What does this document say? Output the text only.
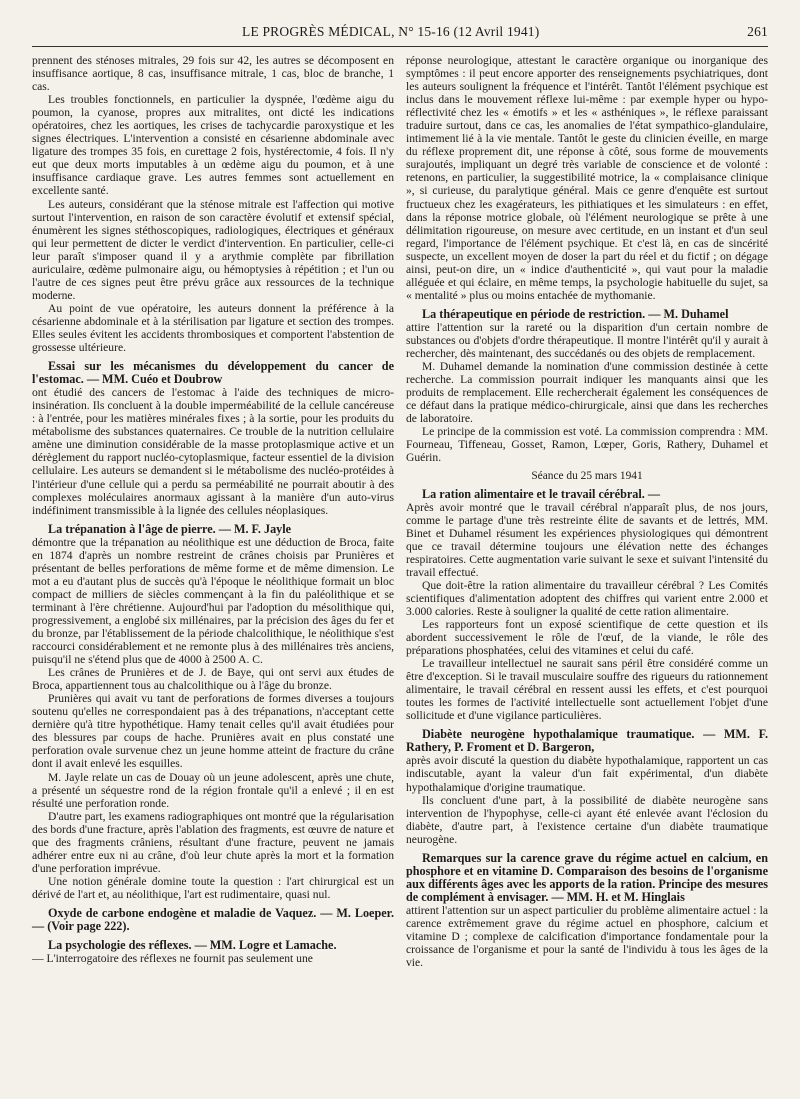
LE PROGRÈS MÉDICAL, N° 15-16 (12 Avril 1941)	261

prennent des sténoses mitrales, 29 fois sur 42, les autres se décomposent en insuffisance aortique, 8 cas, insuffisance mitrale, 1 cas, bloc de branche, 1 cas.

Les troubles fonctionnels, en particulier la dyspnée, l'œdème aigu du poumon, la cyanose, propres aux mitralites, ont dicté les indications opératoires, chez les aortiques, les crises de tachycardie paroxystique et les signes électriques. L'intervention a consisté en césarienne abdominale avec ligature des trompes 35 fois, en curettage 2 fois, hystérectomie, 4 fois. Il n'y eut que deux morts imputables à un œdème aigu du poumon, et à une insuffisance cardiaque grave. Les autres femmes sont actuellement en excellente santé.

Les auteurs, considérant que la sténose mitrale est l'affection qui motive surtout l'intervention, en raison de son caractère évolutif et extensif spécial, énumèrent les signes stéthoscopiques, radiologiques, électriques et généraux qui leur permettent de dicter le verdict d'intervention. En particulier, celle-ci leur paraît s'imposer quand il y a arythmie complète par fibrillation auriculaire, œdème pulmonaire aigu, ou hémoptysies à répétition ; et l'un ou l'autre de ces signes peut être prévu grâce aux ressources de la technique moderne.

Au point de vue opératoire, les auteurs donnent la préférence à la césarienne abdominale et à la stérilisation par ligature et section des trompes. Elles seules évitent les accidents thrombosiques et comportent l'abstention de grossesse ultérieure.

Essai sur les mécanismes du développement du cancer de l'estomac. — MM. Cuéo et Doubrow

ont étudié des cancers de l'estomac à l'aide des techniques de micro-insinération. Ils concluent à la double imperméabilité de la cellule cancéreuse : à l'entrée, pour les matières minérales fixes ; à la sortie, pour les produits du métabolisme des substances quaternaires. Ce trouble de la nutrition cellulaire amène une diminution considérable de la masse protoplasmique active et un dérèglement du rapport nucléo-cytoplasmique, facteur essentiel de la division cellulaire. Les auteurs se demandent si le métabolisme des nucléo-protéides à l'intérieur d'une cellule qui a perdu sa perméabilité ne pourrait aboutir à des complexes moléculaires anormaux agissant à la manière d'un auto-virus indéfiniment transmissible à la lignée des cellules néoplasiques.

La trépanation à l'âge de pierre. — M. F. Jayle

démontre que la trépanation au néolithique est une déduction de Broca, faite en 1874 d'après un nombre restreint de crânes choisis par Prunières et présentant de belles perforations de même forme et de même dimension. Le mot a eu d'autant plus de succès qu'à l'époque le néolithique formait un bloc compact de milliers de siècles commençant à la fin du paléolithique et se terminant à l'ère chrétienne. Aujourd'hui par l'adoption du mésolithique qui, progressivement, a englobé six millénaires, par la précision des âges du fer et du bronze, par l'établissement de la période chalcolithique, le néolithique s'est raccourci considérablement et ne remonte plus à des millénaires très anciens, puisqu'il ne s'étend plus que de 4000 à 2500 A. C.

Les crânes de Prunières et de J. de Baye, qui ont servi aux études de Broca, appartiennent tous au chalcolithique ou à l'âge du bronze.

Prunières qui avait vu tant de perforations de formes diverses a toujours soutenu qu'elles ne correspondaient pas à des trépanations, n'acceptant cette dernière qu'à titre hypothétique. Hamy tenait celles qu'il avait étudiées pour des blessures par coups de hache. Prunières avait en plus constaté une perforation ovale survenue chez un jeune homme atteint de fracture du crâne dont il avait enlevé les esquilles.

M. Jayle relate un cas de Douay où un jeune adolescent, après une chute, a présenté un séquestre rond de la région frontale qu'il a enlevé ; il en est résulté une perforation ronde.

D'autre part, les examens radiographiques ont montré que la régularisation des bords d'une fracture, après l'ablation des fragments, est œuvre de nature et que des fragments crâniens, résultant d'une fracture, peuvent ne jamais adhérer entre eux ni au crâne, d'où leur chute après la mort et la formation d'une perforation imprévue.

Une notion générale domine toute la question : l'art chirurgical est un dérivé de l'art et, au néolithique, l'art est rudimentaire, quasi nul.

Oxyde de carbone endogène et maladie de Vaquez. — M. Loeper. — (Voir page 222).
La psychologie des réflexes. — MM. Logre et Lamache.

— L'interrogatoire des réflexes ne fournit pas seulement une

réponse neurologique, attestant le caractère organique ou inorganique des symptômes : il peut encore apporter des renseignements psychiatriques, dont les auteurs soulignent la fréquence et l'intérêt. Tantôt l'élément psychique est inclus dans le mouvement réflexe lui-même : par exemple hyper ou hypo-réflectivité chez les « émotifs » et les « asthéniques », le réflexe paraissant traduire surtout, dans ce cas, les anomalies de l'état sympathico-glandulaire, intimement lié à la vie mentale. Tantôt le geste du clinicien éveille, en marge du réflexe proprement dit, une réponse à côté, sous forme de mouvements surajoutés, impliquant un degré très variable de conscience et de volonté : retenons, en particulier, la suggestibilité motrice, la « complaisance clinique », si curieuse, du paralytique général. Mais ce genre d'enquête est surtout fructueux chez les exagérateurs, les pithiatiques et les simulateurs : en effet, dans la réponse motrice globale, où l'élément neurologique se prête à une délimitation rigoureuse, on mesure avec certitude, en un instant et d'un seul regard, l'importance de l'élément psychique. Et c'est là, en cas de sincérité suspecte, un excellent moyen de doser la part du réel et du fictif ; on dégage ainsi, peut-on dire, un « indice d'authenticité », qui vaut pour la maladie alléguée et qui éclaire, en même temps, la psychologie habituelle du sujet, sa « mentalité » plus ou moins entachée de mythomanie.

La thérapeutique en période de restriction. — M. Duhamel

attire l'attention sur la rareté ou la disparition d'un certain nombre de substances ou d'objets d'ordre thérapeutique. Il montre l'intérêt qu'il y aurait à rechercher, dès maintenant, des succédanés ou des objets de remplacement.

M. Duhamel demande la nomination d'une commission destinée à cette recherche. La commission pourrait indiquer les manquants ainsi que les produits de remplacement. Elle rechercherait également les conséquences de ce défaut dans la pratique médico-chirurgicale, ainsi que dans les recherches de laboratoire.

Le principe de la commission est voté. La commission comprendra : MM. Fourneau, Tiffeneau, Gosset, Ramon, Lœper, Goris, Rathery, Duhamel et Guérin.

Séance du 25 mars 1941
La ration alimentaire et le travail cérébral. —

Après avoir montré que le travail cérébral n'apparaît plus, de nos jours, comme le partage d'une très restreinte élite de savants et de lettrés, MM. Binet et Duhamel résument les expériences physiologiques qui démontrent que ce travail détermine toujours une élévation nette des échanges respiratoires. Cette augmentation varie suivant le sexe et suivant l'intensité du travail effectué.

Que doit-être la ration alimentaire du travailleur cérébral ? Les Comités scientifiques d'alimentation adoptent des chiffres qui varient entre 2.000 et 3.000 calories. Reste à souligner la qualité de cette ration alimentaire.

Les rapporteurs font un exposé scientifique de cette question et ils abordent successivement le rôle de l'œuf, de la viande, le rôle des préparations phosphatées, celui des vitamines et celui du café.

Le travailleur intellectuel ne saurait sans péril être considéré comme un être d'exception. Si le travail musculaire souffre des rigueurs du rationnement alimentaire, le travail cérébral en ressent aussi les effets, et c'est pourquoi toutes les formes de l'activité intellectuelle sont actuellement l'objet d'une sollicitude et d'une vigilance particulières.

Diabète neurogène hypothalamique traumatique. — MM. F. Rathery, P. Froment et D. Bargeron,

après avoir discuté la question du diabète hypothalamique, rapportent un cas indiscutable, ayant la valeur d'un fait expérimental, d'un diabète hypothalamique d'origine traumatique.

Ils concluent d'une part, à la possibilité de diabète neurogène sans intervention de l'hypophyse, celle-ci ayant été enlevée avant l'éclosion du diabète, d'autre part, à l'existence certaine d'un diabète traumatique neurogène.

Remarques sur la carence grave du régime actuel en calcium, en phosphore et en vitamine D. Comparaison des besoins de l'organisme aux différents âges avec les apports de la ration. Principe des mesures de complément à envisager. — MM. H. et M. Hinglais

attirent l'attention sur un aspect particulier du problème alimentaire actuel : la carence extrêmement grave du régime actuel en phosphore, calcium et vitamine D ; complexe de calcification d'importance fondamentale pour la croissance de l'organisme et pour la santé de l'individu à tous les âges de la vie.
